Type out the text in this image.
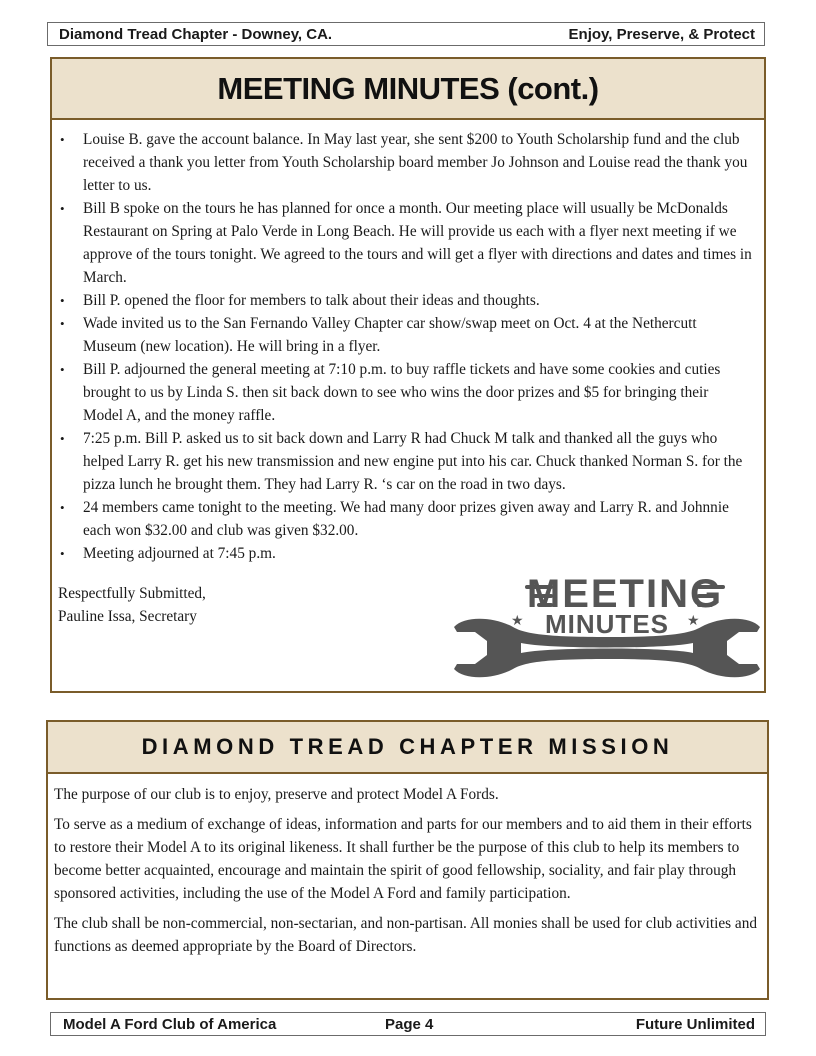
Diamond Tread Chapter - Downey, CA.	Enjoy, Preserve, & Protect
MEETING MINUTES (cont.)
• Louise B. gave the account balance. In May last year, she sent $200 to Youth Scholarship fund and the club received a thank you letter from Youth Scholarship board member Jo Johnson and Louise read the thank you letter to us.
• Bill B spoke on the tours he has planned for once a month. Our meeting place will usually be McDonalds Restaurant on Spring at Palo Verde in Long Beach. He will provide us each with a flyer next meeting if we approve of the tours tonight. We agreed to the tours and will get a flyer with directions and dates and times in March.
• Bill P. opened the floor for members to talk about their ideas and thoughts.
• Wade invited us to the San Fernando Valley Chapter car show/swap meet on Oct. 4 at the Nethercutt Museum (new location). He will bring in a flyer.
• Bill P. adjourned the general meeting at 7:10 p.m. to buy raffle tickets and have some cookies and cuties brought to us by Linda S. then sit back down to see who wins the door prizes and $5 for bringing their Model A, and the money raffle.
• 7:25 p.m. Bill P. asked us to sit back down and Larry R had Chuck M talk and thanked all the guys who helped Larry R. get his new transmission and new engine put into his car. Chuck thanked Norman S. for the pizza lunch he brought them. They had Larry R. ‘s car on the road in two days.
• 24 members came tonight to the meeting. We had many door prizes given away and Larry R. and Johnnie each won $32.00 and club was given $32.00.
• Meeting adjourned at 7:45 p.m.
Respectfully Submitted,
Pauline Issa, Secretary	★	★
MEETING
MINUTES
DIAMOND TREAD CHAPTER MISSION

The purpose of our club is to enjoy, preserve and protect Model A Fords.

To serve as a medium of exchange of ideas, information and parts for our members and to aid them in their efforts to restore their Model A to its original likeness. It shall further be the purpose of this club to help its members to become better acquainted, encourage and maintain the spirit of good fellowship, sociality, and fair play through sponsored activities, including the use of the Model A Ford and family participation.

The club shall be non-commercial, non-sectarian, and non-partisan. All monies shall be used for club activities and functions as deemed appropriate by the Board of Directors.

Model A Ford Club of America	Page 4	Future Unlimited
